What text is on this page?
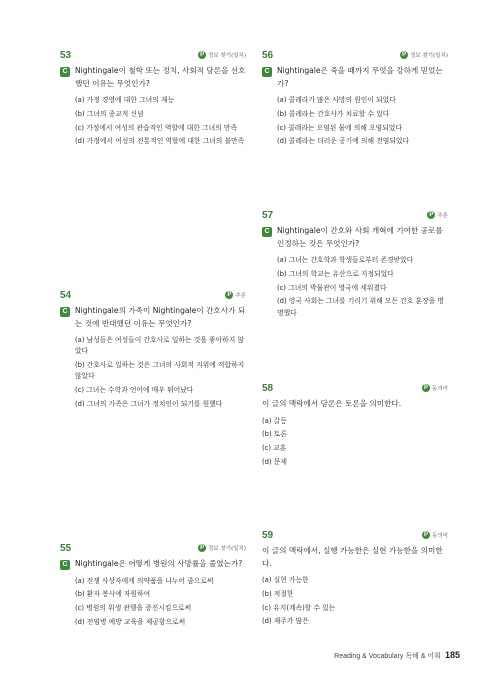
53	P 정보 찾기(일치)
C Nightingale이 철학 또는 정치, 사회적 담론을 선호했던 이유는 무엇인가?
(a) 가정 경영에 대한 그녀의 재능
(b) 그녀의 종교적 신념
(c) 가정에서 여성의 관습적인 역할에 대한 그녀의 만족
(d) 가정에서 여성의 전통적인 역할에 대한 그녀의 불만족
56	P 정보 찾기(일치)
C Nightingale은 죽을 때까지 무엇을 강하게 믿었는가?
(a) 콜레라가 많은 사망의 원인이 되었다
(b) 콜레라는 간호사가 치료할 수 있다
(c) 콜레라는 오염된 물에 의해 오염되었다
(d) 콜레라는 더러운 공기에 의해 전염되었다
57	P 추론
C Nightingale이 간호와 사회 개혁에 기여한 공로를 인정하는 것은 무엇인가?
(a) 그녀는 간호학과 학생들로부터 존경받았다
(b) 그녀의 학교는 유산으로 지정되었다
(c) 그녀의 박물관이 영국에 세워졌다
(d) 영국 사회는 그녀를 기리기 위해 모든 간호 훈장을 명명했다
54	P 추론
C Nightingale의 가족이 Nightingale이 간호사가 되는 것에 반대했던 이유는 무엇인가?
(a) 남성들은 여성들이 간호사로 일하는 것을 좋아하지 않았다
(b) 간호사로 일하는 것은 그녀의 사회적 지위에 적합하지 않았다
(c) 그녀는 수학과 언어에 매우 뛰어났다
(d) 그녀의 가족은 그녀가 정치인이 되기를 원했다
58	P 동의어
이 글의 맥락에서 담론은 토론을 의미한다.
(a) 갈등
(b) 토론
(c) 교훈
(d) 문제
59	P 동의어
이 글의 맥락에서, 실행 가능한은 실현 가능한을 의미한다.
(a) 실현 가능한
(b) 적절한
(c) 유지(계속)할 수 있는
(d) 재주가 많은
55	P 정보 찾기(일치)
C Nightingale은 어떻게 병원의 사망률을 줄였는가?
(a) 전쟁 사상자에게 의약품을 나누어 줌으로써
(b) 환자 봉사에 자원하여
(c) 병원의 위생 관행을 증진시킴으로써
(d) 전염병 예방 교육을 제공함으로써
Reading & Vocabulary 독해 & 어휘 185
